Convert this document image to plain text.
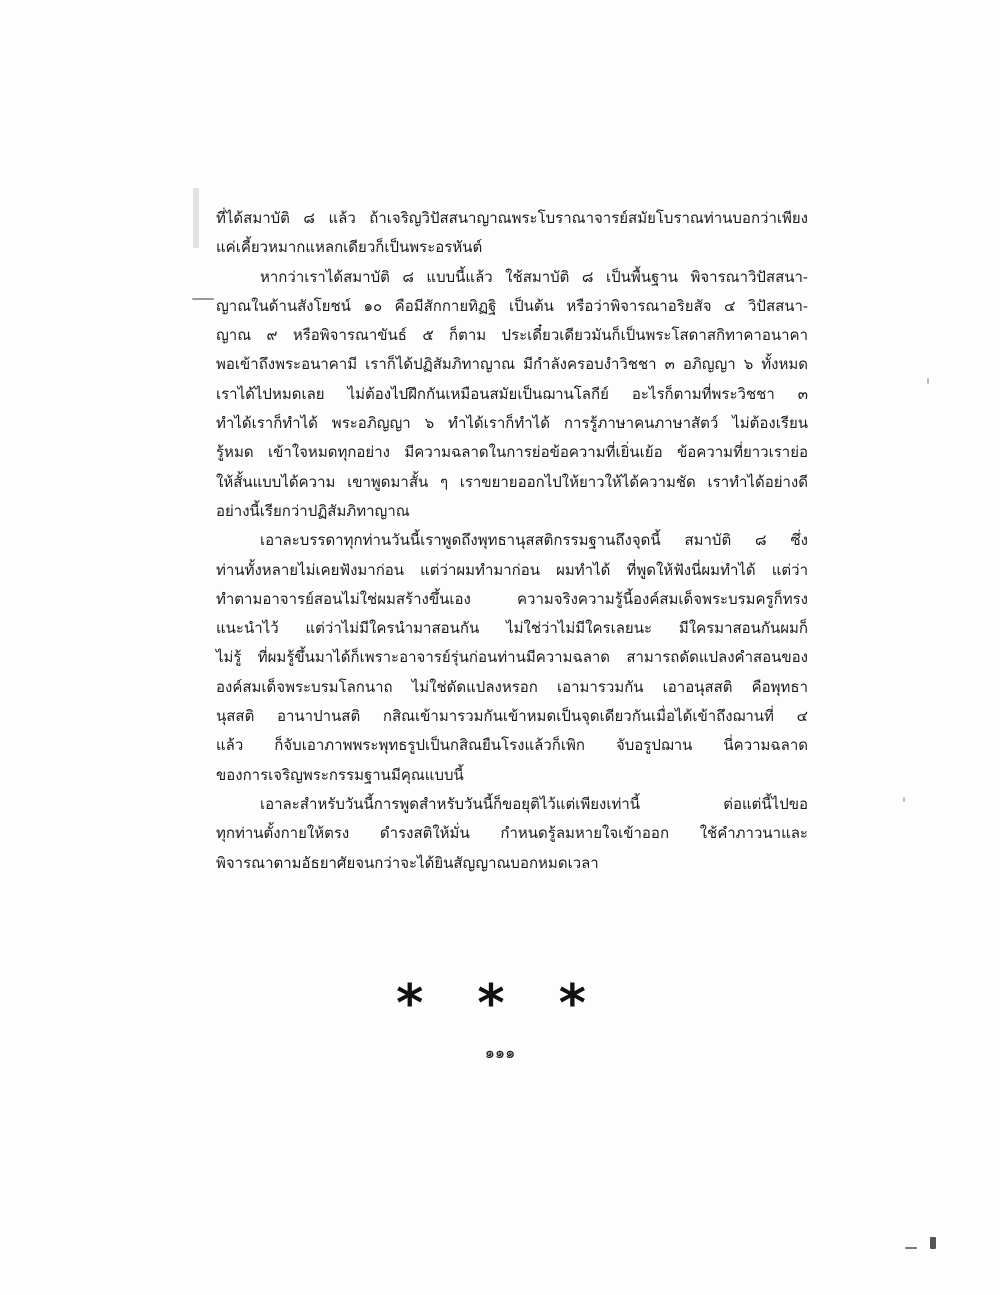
ที่ได้สมาบัติ ๘ แล้ว ถ้าเจริญวิปัสสนาญาณพระโบราณาจารย์สมัยโบราณท่านบอกว่าเพียง
แค่เคี้ยวหมากแหลกเดียวก็เป็นพระอรหันต์
หากว่าเราได้สมาบัติ ๘ แบบนี้แล้ว ใช้สมาบัติ ๘ เป็นพื้นฐาน พิจารณาวิปัสสนา-
ญาณในด้านสังโยชน์ ๑๐ คือมีสักกายทิฏฐิ เป็นต้น หรือว่าพิจารณาอริยสัจ ๔ วิปัสสนา-
ญาณ ๙ หรือพิจารณาขันธ์ ๕ ก็ตาม ประเดี๋ยวเดียวมันก็เป็นพระโสดาสกิทาคาอนาคา
พอเข้าถึงพระอนาคามี เราก็ได้ปฏิสัมภิทาญาณ มีกำลังครอบงำวิชชา ๓ อภิญญา ๖ ทั้งหมด
เราได้ไปหมดเลย ไม่ต้องไปฝึกกันเหมือนสมัยเป็นฌานโลกีย์ อะไรก็ตามที่พระวิชชา ๓
ทำได้เราก็ทำได้ พระอภิญญา ๖ ทำได้เราก็ทำได้ การรู้ภาษาคนภาษาสัตว์ ไม่ต้องเรียน
รู้หมด เข้าใจหมดทุกอย่าง มีความฉลาดในการย่อข้อความที่เยิ่นเย้อ ข้อความที่ยาวเราย่อ
ให้สั้นแบบได้ความ เขาพูดมาสั้น ๆ เราขยายออกไปให้ยาวให้ได้ความชัด เราทำได้อย่างดี
อย่างนี้เรียกว่าปฏิสัมภิทาญาณ
เอาละบรรดาทุกท่านวันนี้เราพูดถึงพุทธานุสสติกรรมฐานถึงจุดนี้ สมาบัติ ๘ ซึ่ง
ท่านทั้งหลายไม่เคยฟังมาก่อน แต่ว่าผมทำมาก่อน ผมทำได้ ที่พูดให้ฟังนี่ผมทำได้ แต่ว่า
ทำตามอาจารย์สอนไม่ใช่ผมสร้างขึ้นเอง ความจริงความรู้นี้องค์สมเด็จพระบรมครูก็ทรง
แนะนำไว้ แต่ว่าไม่มีใครนำมาสอนกัน ไม่ใช่ว่าไม่มีใครเลยนะ มีใครมาสอนกันผมก็
ไม่รู้ ที่ผมรู้ขึ้นมาได้ก็เพราะอาจารย์รุ่นก่อนท่านมีความฉลาด สามารถดัดแปลงคำสอนของ
องค์สมเด็จพระบรมโลกนาถ ไม่ใช่ดัดแปลงหรอก เอามารวมกัน เอาอนุสสติ คือพุทธา
นุสสติ อานาปานสติ กสิณเข้ามารวมกันเข้าหมดเป็นจุดเดียวกันเมื่อได้เข้าถึงฌานที่ ๔
แล้ว ก็จับเอาภาพพระพุทธรูปเป็นกสิณยืนโรงแล้วก็เพิก จับอรูปฌาน นี่ความฉลาด
ของการเจริญพระกรรมฐานมีคุณแบบนี้
เอาละสำหรับวันนี้การพูดสำหรับวันนี้ก็ขอยุติไว้แต่เพียงเท่านี้ ต่อแต่นี้ไปขอ
ทุกท่านตั้งกายให้ตรง ดำรงสติให้มั่น กำหนดรู้ลมหายใจเข้าออก ใช้คำภาวนาและ
พิจารณาตามอัธยาศัยจนกว่าจะได้ยินสัญญาณบอกหมดเวลา
* * *
๑๑๑
